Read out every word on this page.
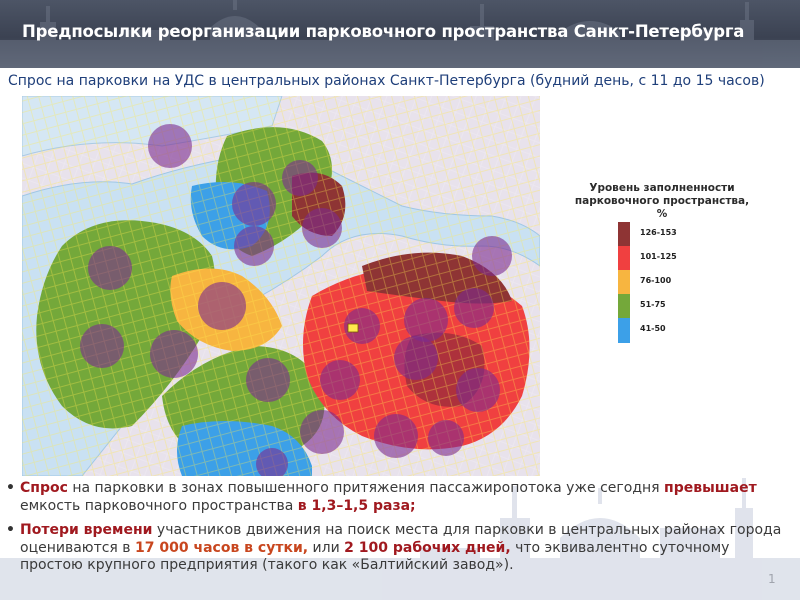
Предпосылки реорганизации парковочного пространства Санкт-Петербурга
Спрос на парковки на УДС в центральных районах Санкт-Петербурга (будний день, с 11 до 15 часов)
Уровень заполненности парковочного пространства, %
126-153
101-125
76-100
51-75
41-50
• Спрос на парковки в зонах повышенного притяжения пассажиропотока уже сегодня превышает емкость парковочного пространства в 1,3–1,5 раза;
• Потери времени участников движения на поиск места для парковки в центральных районах города оцениваются в 17 000 часов в сутки, или 2 100 рабочих дней, что эквивалентно суточному простою крупного предприятия (такого как «Балтийский завод»).
1
